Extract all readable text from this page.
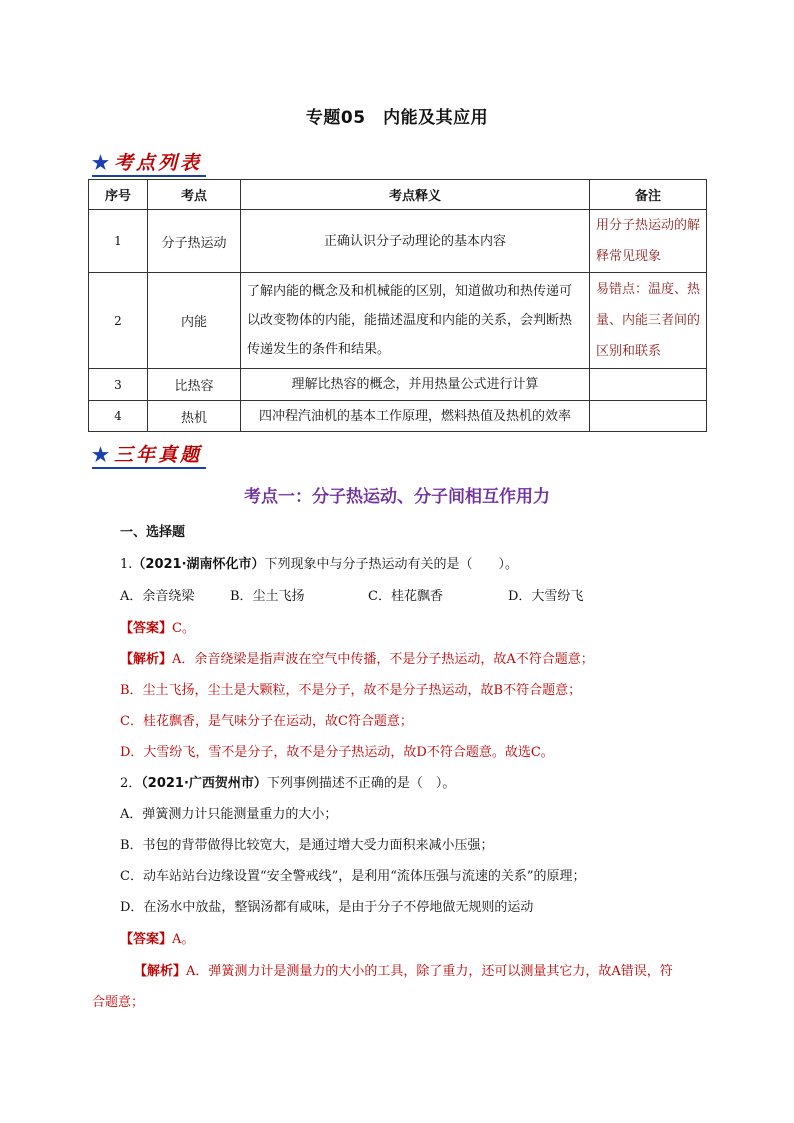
专题05　内能及其应用
★ 考点列表
序号	考点	考点释义	备注
1	分子热运动	正确认识分子动理论的基本内容	用分子热运动的解释常见现象
2	内能	了解内能的概念及和机械能的区别，知道做功和热传递可以改变物体的内能，能描述温度和内能的关系，会判断热传递发生的条件和结果。	易错点：温度、热量、内能三者间的区别和联系
3	比热容	理解比热容的概念，并用热量公式进行计算	
4	热机	四冲程汽油机的基本工作原理，燃料热值及热机的效率	
★ 三年真题
考点一：分子热运动、分子间相互作用力
一、选择题
1.（2021·湖南怀化市）下列现象中与分子热运动有关的是（　　）。
A．余音绕梁	B．尘土飞扬	C．桂花飘香	D．大雪纷飞
【答案】C。
【解析】A．余音绕梁是指声波在空气中传播，不是分子热运动，故A不符合题意；
B．尘土飞扬，尘土是大颗粒，不是分子，故不是分子热运动，故B不符合题意；
C．桂花飘香，是气味分子在运动，故C符合题意；
D．大雪纷飞，雪不是分子，故不是分子热运动，故D不符合题意。故选C。
2．（2021·广西贺州市）下列事例描述不正确的是（　）。
A．弹簧测力计只能测量重力的大小；
B．书包的背带做得比较宽大，是通过增大受力面积来减小压强；
C．动车站站台边缘设置“安全警戒线”，是利用“流体压强与流速的关系”的原理；
D．在汤水中放盐，整锅汤都有咸味，是由于分子不停地做无规则的运动
【答案】A。
【解析】A．弹簧测力计是测量力的大小的工具，除了重力，还可以测量其它力，故A错误，符
合题意；
